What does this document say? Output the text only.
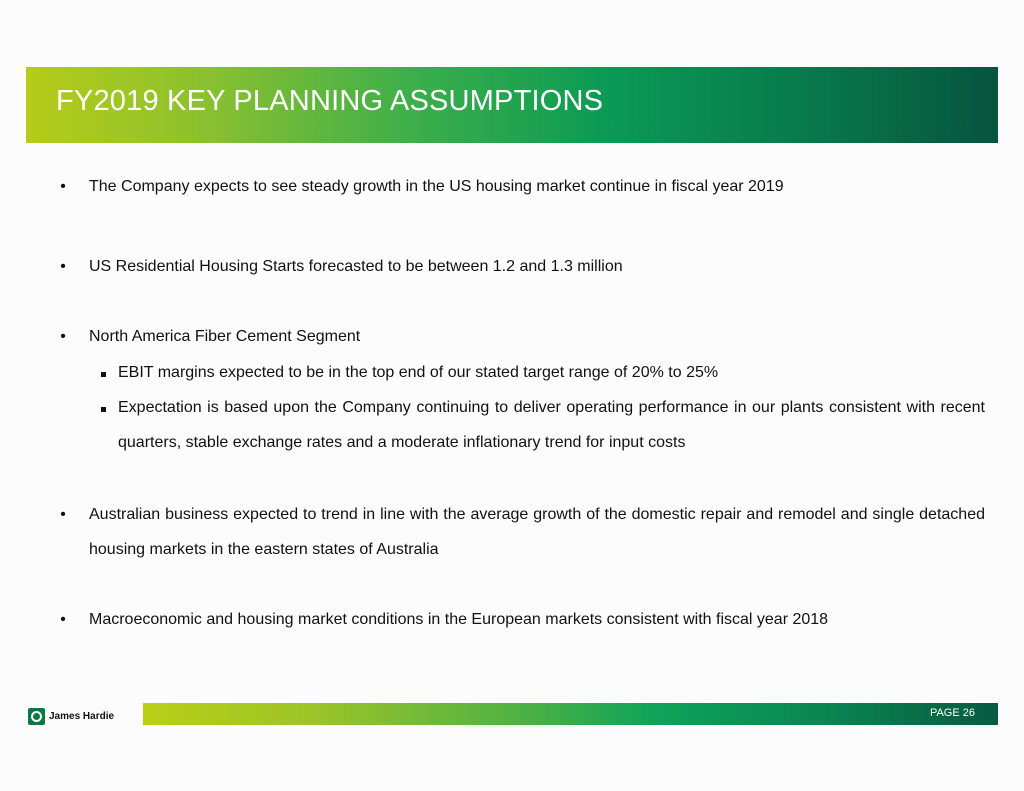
FY2019 KEY PLANNING ASSUMPTIONS
• The Company expects to see steady growth in the US housing market continue in fiscal year 2019
• US Residential Housing Starts forecasted to be between 1.2 and 1.3 million
• North America Fiber Cement Segment
EBIT margins expected to be in the top end of our stated target range of 20% to 25%
Expectation is based upon the Company continuing to deliver operating performance in our plants consistent with recent quarters, stable exchange rates and a moderate inflationary trend for input costs
• Australian business expected to trend in line with the average growth of the domestic repair and remodel and single detached housing markets in the eastern states of Australia
• Macroeconomic and housing market conditions in the European markets consistent with fiscal year 2018
James Hardie	PAGE 26
